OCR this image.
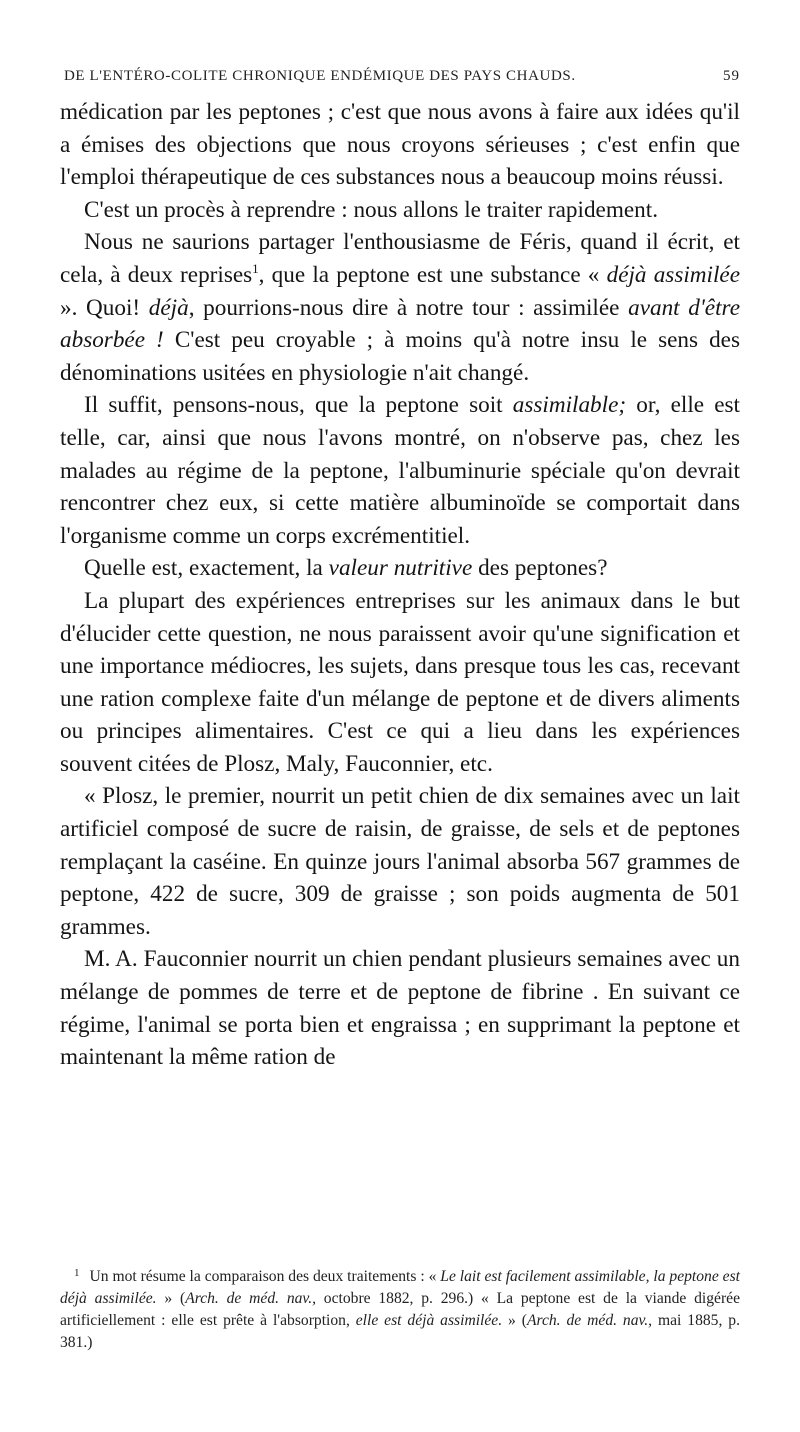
DE L'ENTÉRO-COLITE CHRONIQUE ENDÉMIQUE DES PAYS CHAUDS.	59

médication par les peptones ; c'est que nous avons à faire aux idées qu'il a émises des objections que nous croyons sérieuses ; c'est enfin que l'emploi thérapeutique de ces substances nous a beaucoup moins réussi.

C'est un procès à reprendre : nous allons le traiter rapidement.

Nous ne saurions partager l'enthousiasme de Féris, quand il écrit, et cela, à deux reprises$^1$, que la peptone est une substance « déjà assimilée ». Quoi! déjà, pourrions-nous dire à notre tour : assimilée avant d'être absorbée ! C'est peu croyable ; à moins qu'à notre insu le sens des dénominations usitées en physiologie n'ait changé.

Il suffit, pensons-nous, que la peptone soit assimilable; or, elle est telle, car, ainsi que nous l'avons montré, on n'observe pas, chez les malades au régime de la peptone, l'albuminurie spéciale qu'on devrait rencontrer chez eux, si cette matière albuminoïde se comportait dans l'organisme comme un corps excrémentitiel.

Quelle est, exactement, la valeur nutritive des peptones?

La plupart des expériences entreprises sur les animaux dans le but d'élucider cette question, ne nous paraissent avoir qu'une signification et une importance médiocres, les sujets, dans presque tous les cas, recevant une ration complexe faite d'un mélange de peptone et de divers aliments ou principes alimentaires. C'est ce qui a lieu dans les expériences souvent citées de Plosz, Maly, Fauconnier, etc.

« Plosz, le premier, nourrit un petit chien de dix semaines avec un lait artificiel composé de sucre de raisin, de graisse, de sels et de peptones remplaçant la caséine. En quinze jours l'animal absorba 567 grammes de peptone, 422 de sucre, 309 de graisse ; son poids augmenta de 501 grammes.

M. A. Fauconnier nourrit un chien pendant plusieurs semaines avec un mélange de pommes de terre et de peptone de fibrine . En suivant ce régime, l'animal se porta bien et engraissa ; en supprimant la peptone et maintenant la même ration de

1 Un mot résume la comparaison des deux traitements : « Le lait est facilement assimilable, la peptone est déjà assimilée. » (Arch. de méd. nav., octobre 1882, p. 296.) « La peptone est de la viande digérée artificiellement : elle est prête à l'absorption, elle est déjà assimilée. » (Arch. de méd. nav., mai 1885, p. 381.)
